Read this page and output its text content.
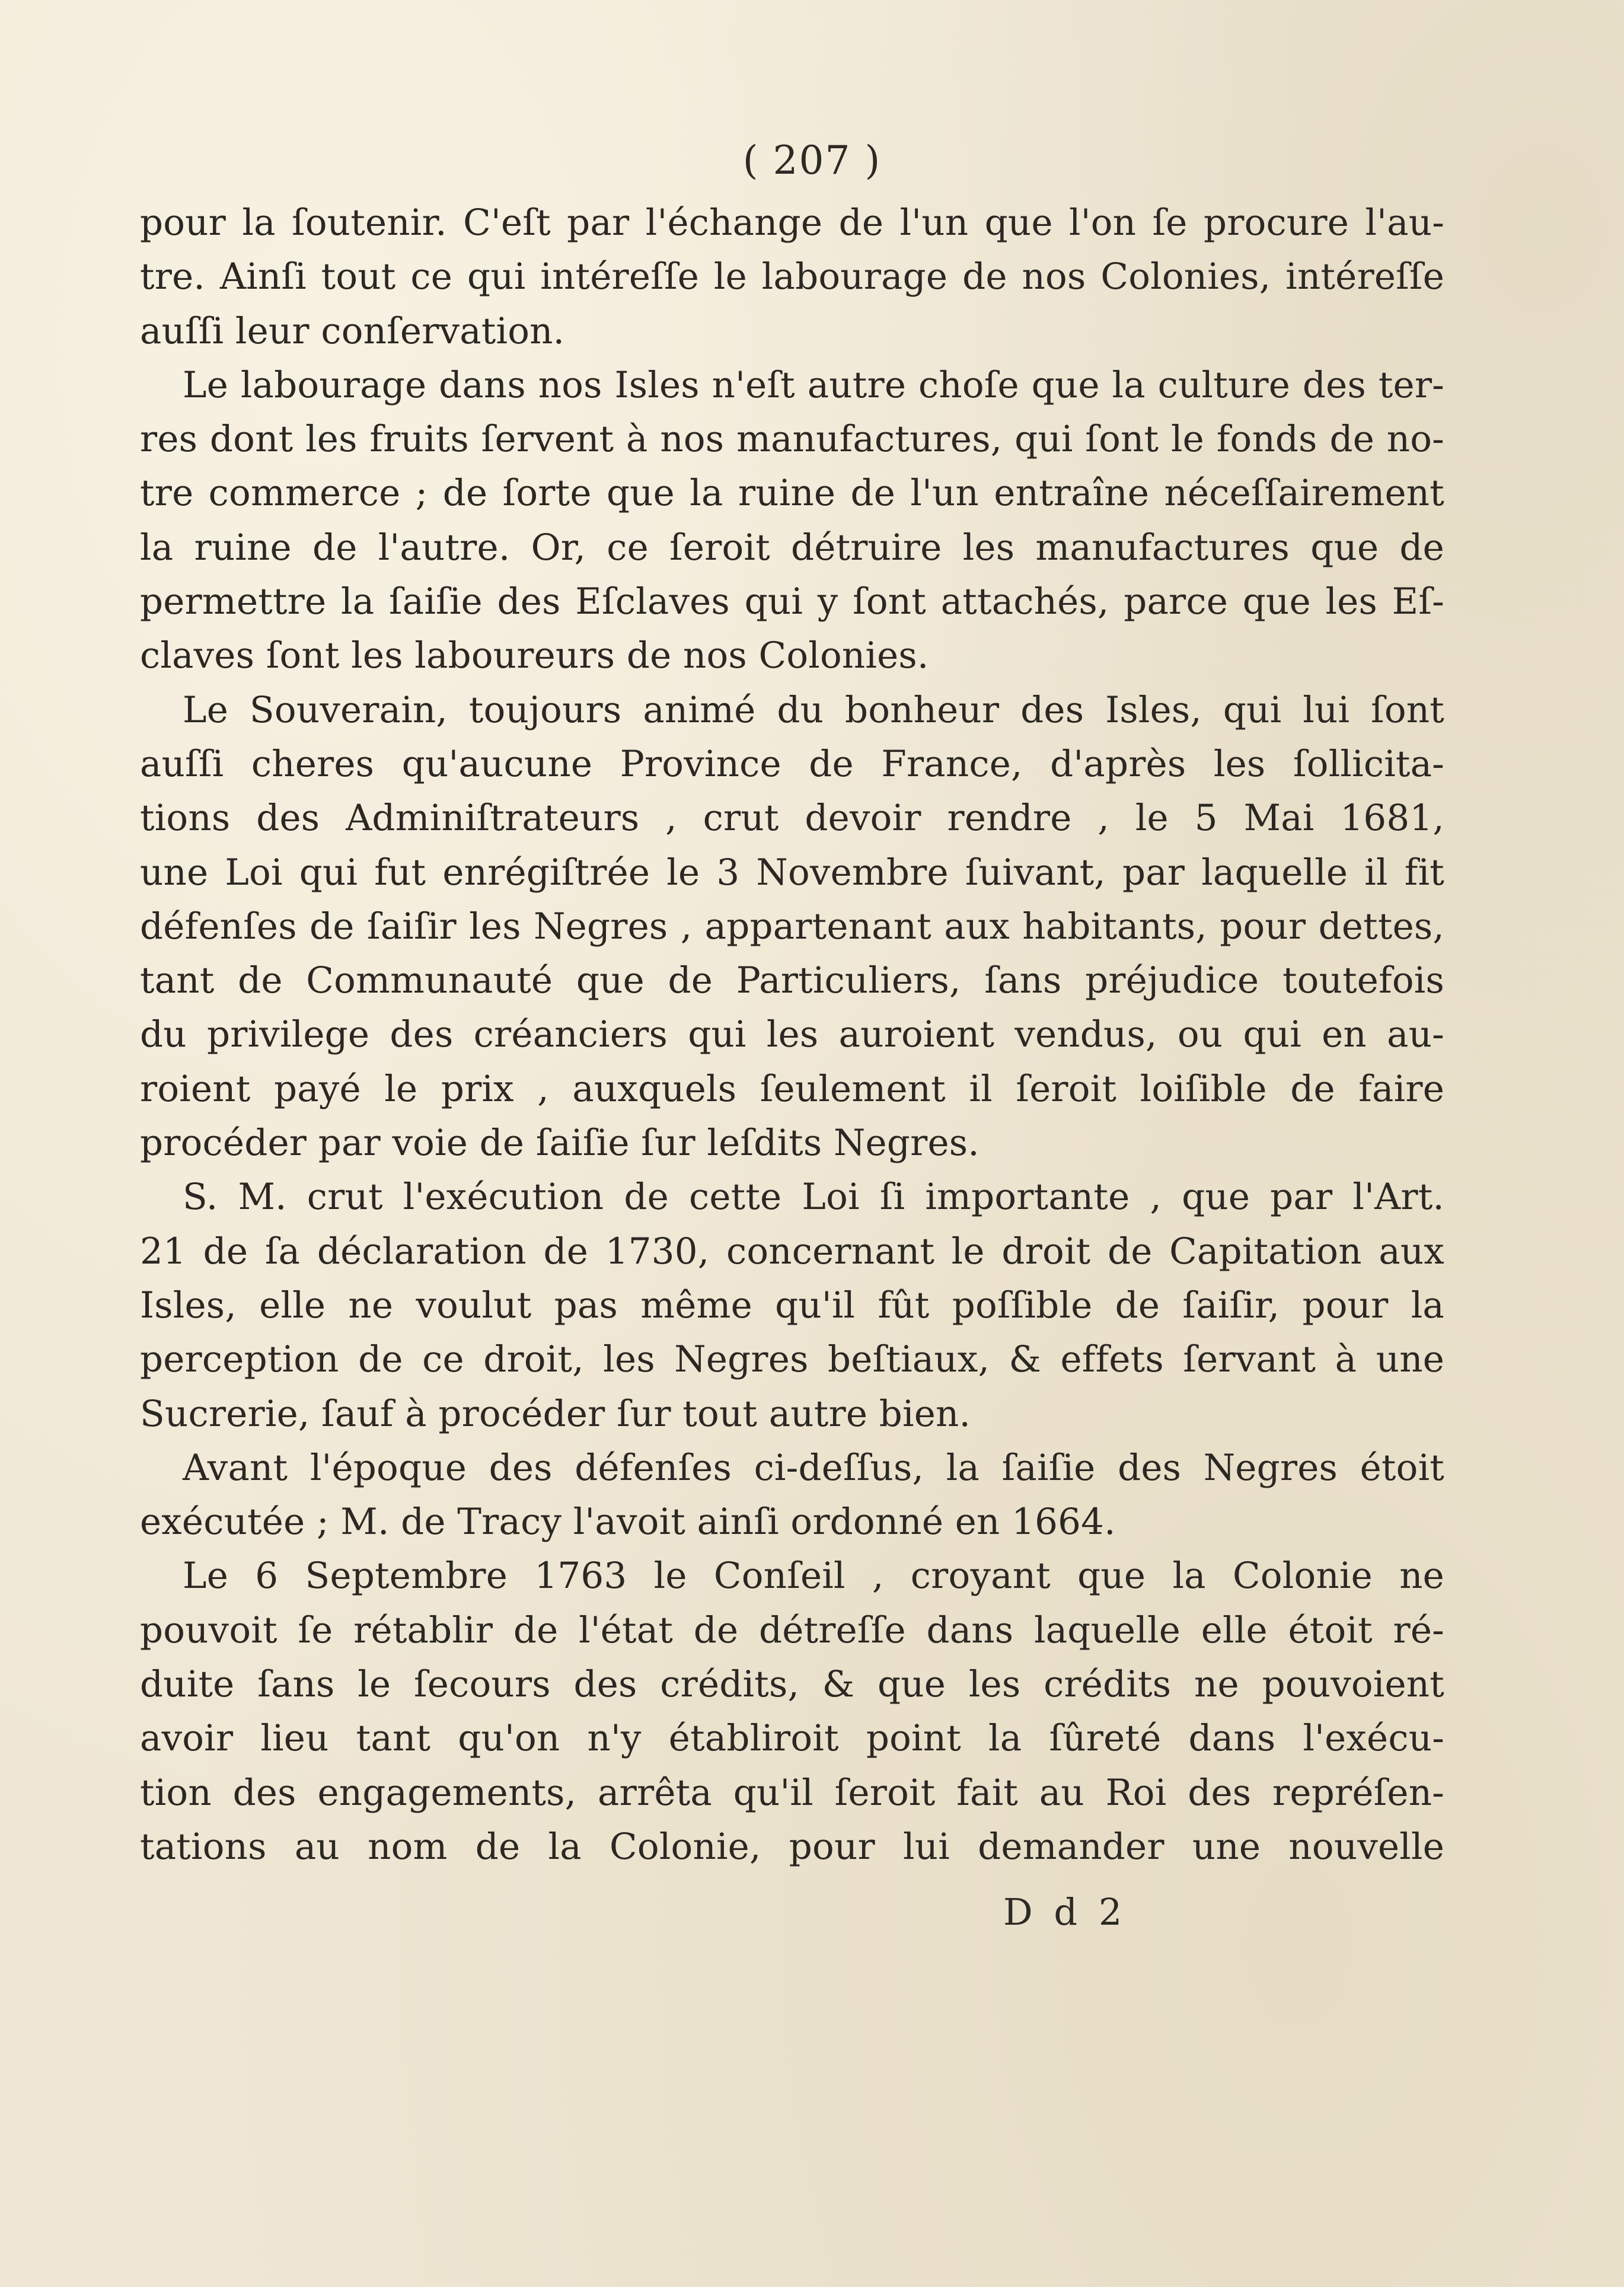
( 207 )
pour la ſoutenir. C'eſt par l'échange de l'un que l'on ſe procure l'au-
tre. Ainſi tout ce qui intéreſſe le labourage de nos Colonies, intéreſſe
auſſi leur conſervation.
Le labourage dans nos Isles n'eſt autre choſe que la culture des ter-
res dont les fruits ſervent à nos manufactures, qui ſont le fonds de no-
tre commerce ; de ſorte que la ruine de l'un entraîne néceſſairement
la ruine de l'autre. Or, ce ſeroit détruire les manufactures que de
permettre la ſaiſie des Eſclaves qui y ſont attachés, parce que les Eſ-
claves ſont les laboureurs de nos Colonies.
Le Souverain, toujours animé du bonheur des Isles, qui lui ſont
auſſi cheres qu'aucune Province de France, d'après les ſollicita-
tions des Adminiſtrateurs , crut devoir rendre , le 5 Mai 1681,
une Loi qui fut enrégiſtrée le 3 Novembre ſuivant, par laquelle il fit
défenſes de ſaiſir les Negres , appartenant aux habitants, pour dettes,
tant de Communauté que de Particuliers, ſans préjudice toutefois
du privilege des créanciers qui les auroient vendus, ou qui en au-
roient payé le prix , auxquels ſeulement il ſeroit loiſible de faire
procéder par voie de ſaiſie ſur leſdits Negres.
S. M. crut l'exécution de cette Loi ſi importante , que par l'Art.
21 de ſa déclaration de 1730, concernant le droit de Capitation aux
Isles, elle ne voulut pas même qu'il fût poſſible de ſaiſir, pour la
perception de ce droit, les Negres beſtiaux, & effets ſervant à une
Sucrerie, ſauf à procéder ſur tout autre bien.
Avant l'époque des défenſes ci-deſſus, la ſaiſie des Negres étoit
exécutée ; M. de Tracy l'avoit ainſi ordonné en 1664.
Le 6 Septembre 1763 le Conſeil , croyant que la Colonie ne
pouvoit ſe rétablir de l'état de détreſſe dans laquelle elle étoit ré-
duite ſans le ſecours des crédits, & que les crédits ne pouvoient
avoir lieu tant qu'on n'y établiroit point la ſûreté dans l'exécu-
tion des engagements, arrêta qu'il ſeroit fait au Roi des repréſen-
tations au nom de la Colonie, pour lui demander une nouvelle
D d 2
